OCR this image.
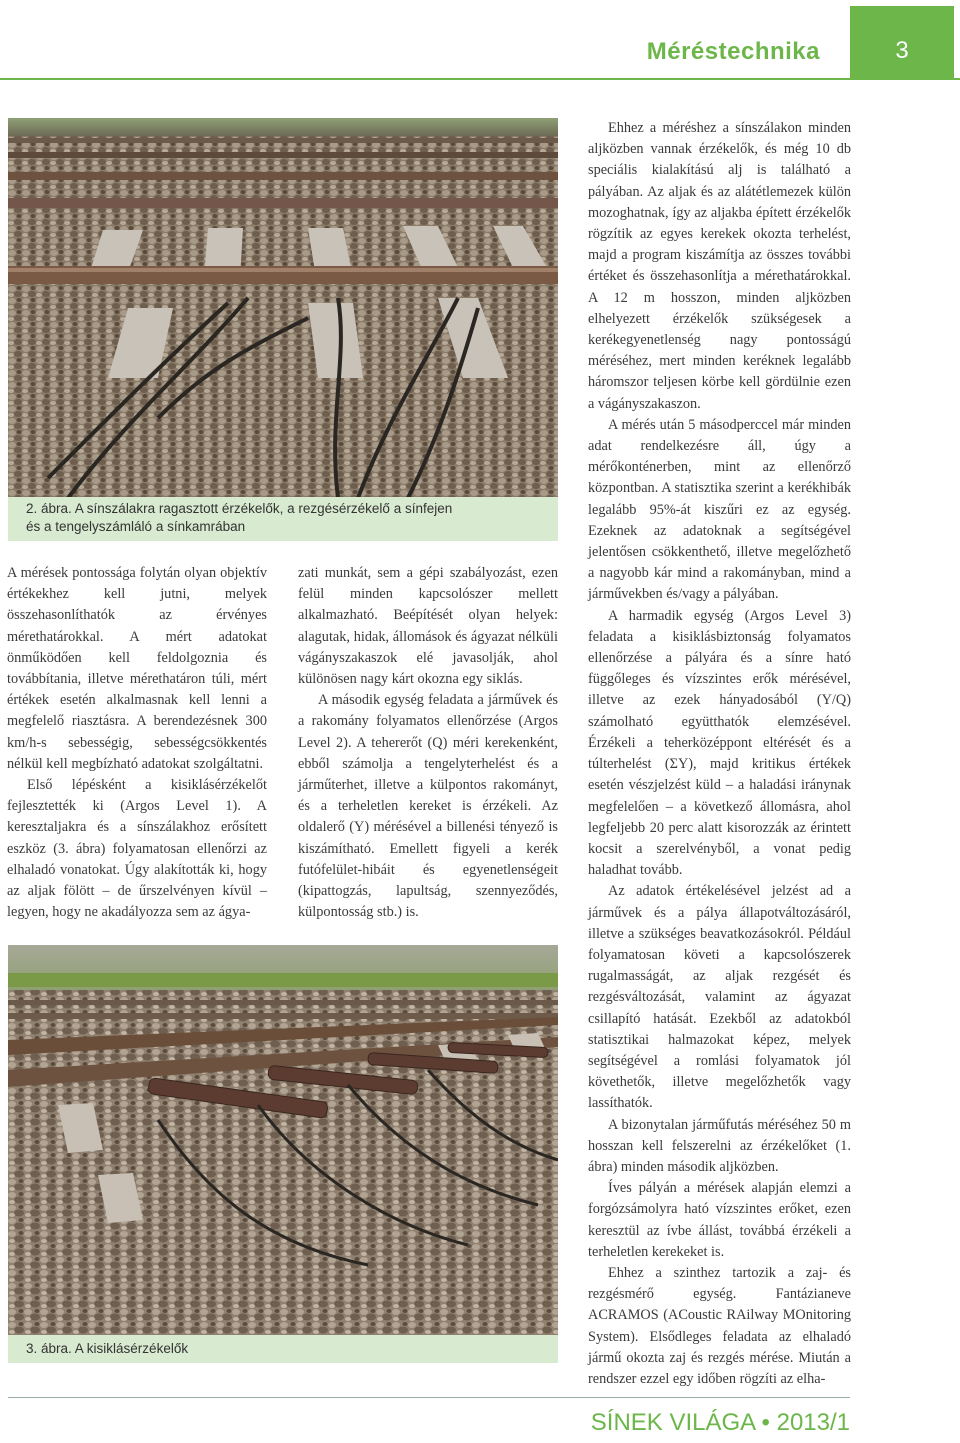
Méréstechnika	3
2. ábra. A sínszálakra ragasztott érzékelők, a rezgésérzékelő a sínfejen
és a tengelyszámláló a sínkamrában

A mérések pontossága folytán olyan objektív értékekhez kell jutni, melyek összehasonlíthatók az érvényes mérethatárokkal. A mért adatokat önműködően kell feldolgoznia és továbbítania, illetve mérethatáron túli, mért értékek esetén alkalmasnak kell lenni a megfelelő riasztásra. A berendezésnek 300 km/h-s sebességig, sebességcsökkentés nélkül kell megbízható adatokat szolgáltatni.

Első lépésként a kisiklásérzékelőt fejlesztették ki (Argos Level 1). A keresztaljakra és a sínszálakhoz erősített eszköz (3. ábra) folyamatosan ellenőrzi az elhaladó vonatokat. Úgy alakították ki, hogy az aljak fölött – de űrszelvényen kívül – legyen, hogy ne akadályozza sem az ágya-

zati munkát, sem a gépi szabályozást, ezen felül minden kapcsolószer mellett alkalmazható. Beépítését olyan helyek: alagutak, hidak, állomások és ágyazat nélküli vágányszakaszok elé javasolják, ahol különösen nagy kárt okozna egy siklás.

A második egység feladata a járművek és a rakomány folyamatos ellenőrzése (Argos Level 2). A tehererőt (Q) méri kerekenként, ebből számolja a tengelyterhelést és a járműterhet, illetve a külpontos rakományt, és a terheletlen kereket is érzékeli. Az oldalerő (Y) mérésével a billenési tényező is kiszámítható. Emellett figyeli a kerék futófelület-hibáit és egyenetlenségeit (kipattogzás, lapultság, szennyeződés, külpontosság stb.) is.

3. ábra. A kisiklásérzékelők

Ehhez a méréshez a sínszálakon minden aljközben vannak érzékelők, és még 10 db speciális kialakítású alj is található a pályában. Az aljak és az alátétlemezek külön mozoghatnak, így az aljakba épített érzékelők rögzítik az egyes kerekek okozta terhelést, majd a program kiszámítja az összes további értéket és összehasonlítja a mérethatárokkal. A 12 m hosszon, minden aljközben elhelyezett érzékelők szükségesek a kerékegyenetlenség nagy pontosságú méréséhez, mert minden keréknek legalább háromszor teljesen körbe kell gördülnie ezen a vágányszakaszon.

A mérés után 5 másodperccel már minden adat rendelkezésre áll, úgy a mérőkonténerben, mint az ellenőrző központban. A statisztika szerint a kerékhibák legalább 95%-át kiszűri ez az egység. Ezeknek az adatoknak a segítségével jelentősen csökkenthető, illetve megelőzhető a nagyobb kár mind a rakományban, mind a járművekben és/vagy a pályában.

A harmadik egység (Argos Level 3) feladata a kisiklásbiztonság folyamatos ellenőrzése a pályára és a sínre ható függőleges és vízszintes erők mérésével, illetve az ezek hányadosából (Y/Q) számolható együtthatók elemzésével. Érzékeli a teherközéppont eltérését és a túlterhelést (ΣY), majd kritikus értékek esetén vészjelzést küld – a haladási iránynak megfelelően – a következő állomásra, ahol legfeljebb 20 perc alatt kisorozzák az érintett kocsit a szerelvényből, a vonat pedig haladhat tovább.

Az adatok értékelésével jelzést ad a járművek és a pálya állapotváltozásáról, illetve a szükséges beavatkozásokról. Például folyamatosan követi a kapcsolószerek rugalmasságát, az aljak rezgését és rezgésváltozását, valamint az ágyazat csillapító hatását. Ezekből az adatokból statisztikai halmazokat képez, melyek segítségével a romlási folyamatok jól követhetők, illetve megelőzhetők vagy lassíthatók.

A bizonytalan járműfutás méréséhez 50 m hosszan kell felszerelni az érzékelőket (1. ábra) minden második aljközben.

Íves pályán a mérések alapján elemzi a forgózsámolyra ható vízszintes erőket, ezen keresztül az ívbe állást, továbbá érzékeli a terheletlen kerekeket is.

Ehhez a szinthez tartozik a zaj- és rezgésmérő egység. Fantázianeve ACRAMOS (ACoustic RAilway MOnitoring System). Elsődleges feladata az elhaladó jármű okozta zaj és rezgés mérése. Miután a rendszer ezzel egy időben rögzíti az elha-

SÍNEK VILÁGA • 2013/1
